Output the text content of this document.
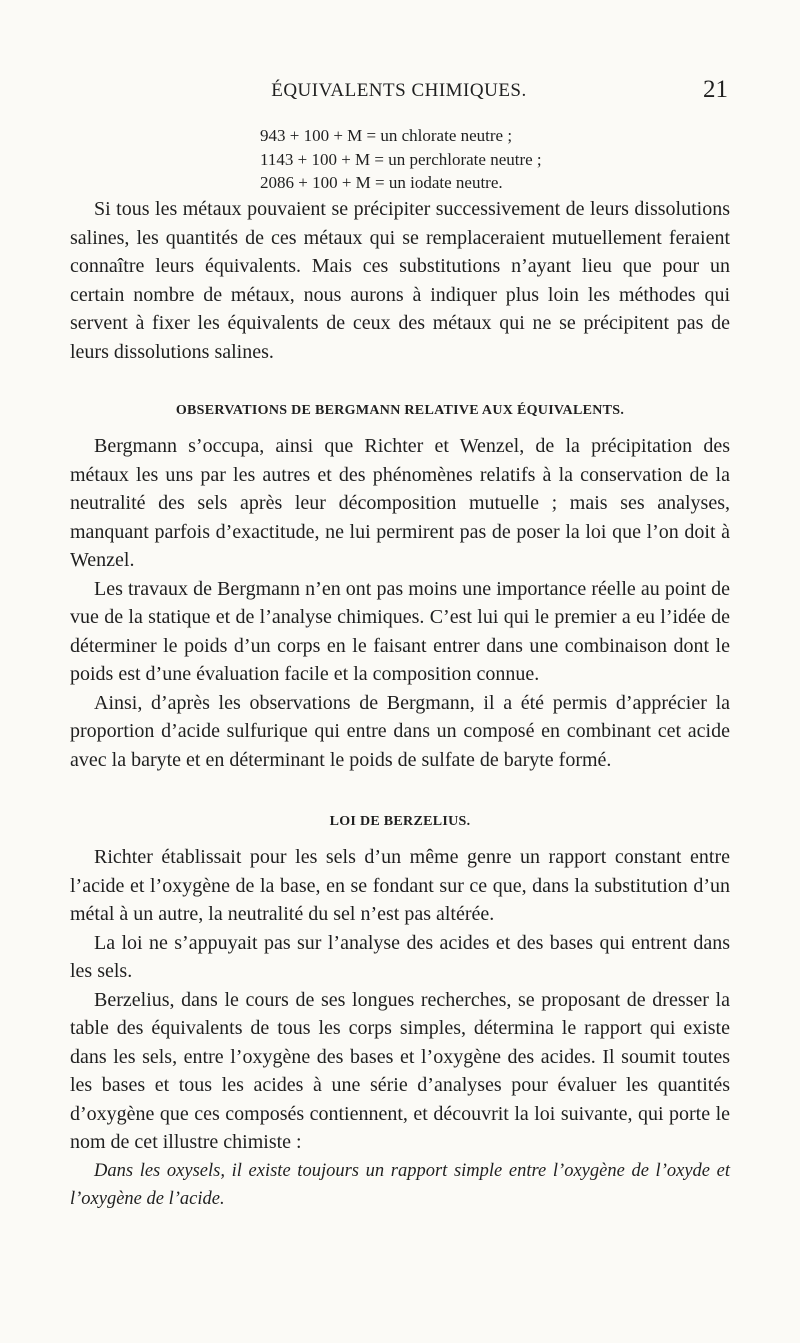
ÉQUIVALENTS CHIMIQUES.	21
943 + 100 + M = un chlorate neutre ;
1143 + 100 + M = un perchlorate neutre ;
2086 + 100 + M = un iodate neutre.

Si tous les métaux pouvaient se précipiter successivement de leurs dissolutions salines, les quantités de ces métaux qui se remplaceraient mutuellement feraient connaître leurs équivalents. Mais ces substitutions n’ayant lieu que pour un certain nombre de métaux, nous aurons à indiquer plus loin les méthodes qui servent à fixer les équivalents de ceux des métaux qui ne se précipitent pas de leurs dissolutions salines.

OBSERVATIONS DE BERGMANN RELATIVE AUX ÉQUIVALENTS.

Bergmann s’occupa, ainsi que Richter et Wenzel, de la précipitation des métaux les uns par les autres et des phénomènes relatifs à la conservation de la neutralité des sels après leur décomposition mutuelle ; mais ses analyses, manquant parfois d’exactitude, ne lui permirent pas de poser la loi que l’on doit à Wenzel.

Les travaux de Bergmann n’en ont pas moins une importance réelle au point de vue de la statique et de l’analyse chimiques. C’est lui qui le premier a eu l’idée de déterminer le poids d’un corps en le faisant entrer dans une combinaison dont le poids est d’une évaluation facile et la composition connue.

Ainsi, d’après les observations de Bergmann, il a été permis d’apprécier la proportion d’acide sulfurique qui entre dans un composé en combinant cet acide avec la baryte et en déterminant le poids de sulfate de baryte formé.

LOI DE BERZELIUS.

Richter établissait pour les sels d’un même genre un rapport constant entre l’acide et l’oxygène de la base, en se fondant sur ce que, dans la substitution d’un métal à un autre, la neutralité du sel n’est pas altérée.

La loi ne s’appuyait pas sur l’analyse des acides et des bases qui entrent dans les sels.

Berzelius, dans le cours de ses longues recherches, se proposant de dresser la table des équivalents de tous les corps simples, détermina le rapport qui existe dans les sels, entre l’oxygène des bases et l’oxygène des acides. Il soumit toutes les bases et tous les acides à une série d’analyses pour évaluer les quantités d’oxygène que ces composés contiennent, et découvrit la loi suivante, qui porte le nom de cet illustre chimiste :

Dans les oxysels, il existe toujours un rapport simple entre l’oxygène de l’oxyde et l’oxygène de l’acide.
